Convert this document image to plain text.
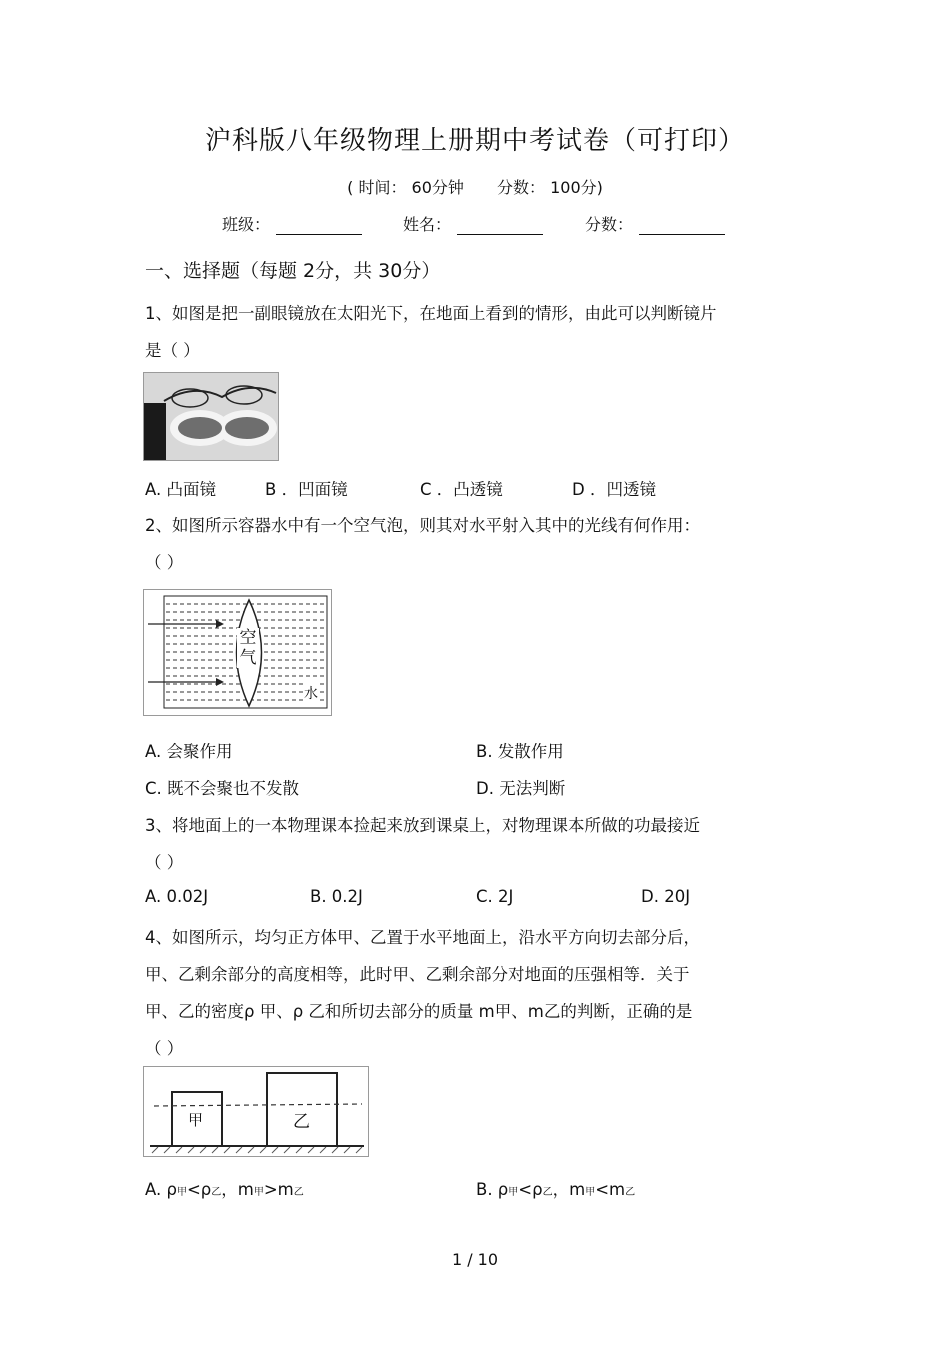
沪科版八年级物理上册期中考试卷（可打印）
( 时间： 60分钟 分数： 100分)
班级：	姓名：	分数：
一、选择题（每题 2分，共 30分）
1、如图是把一副眼镜放在太阳光下，在地面上看到的情形，由此可以判断镜片
是（ ）
A. 凸面镜	B ．凹面镜	C ．凸透镜	D ．凹透镜
2、如图所示容器水中有一个空气泡，则其对水平射入其中的光线有何作用：
（ ）
空气
水
A. 会聚作用	B. 发散作用
C. 既不会聚也不发散	D. 无法判断
3、将地面上的一本物理课本捡起来放到课桌上，对物理课本所做的功最接近
（ ）
A. 0.02J	B. 0.2J	C. 2J	D. 20J
4、如图所示，均匀正方体甲、乙置于水平地面上，沿水平方向切去部分后，
甲、乙剩余部分的高度相等，此时甲、乙剩余部分对地面的压强相等．关于
甲、乙的密度ρ 甲、ρ 乙和所切去部分的质量 m甲、m乙的判断，正确的是
（ ）
甲	乙
A. ρ甲<ρ乙，m甲>m乙	B. ρ甲<ρ乙，m甲<m乙
1 / 10
